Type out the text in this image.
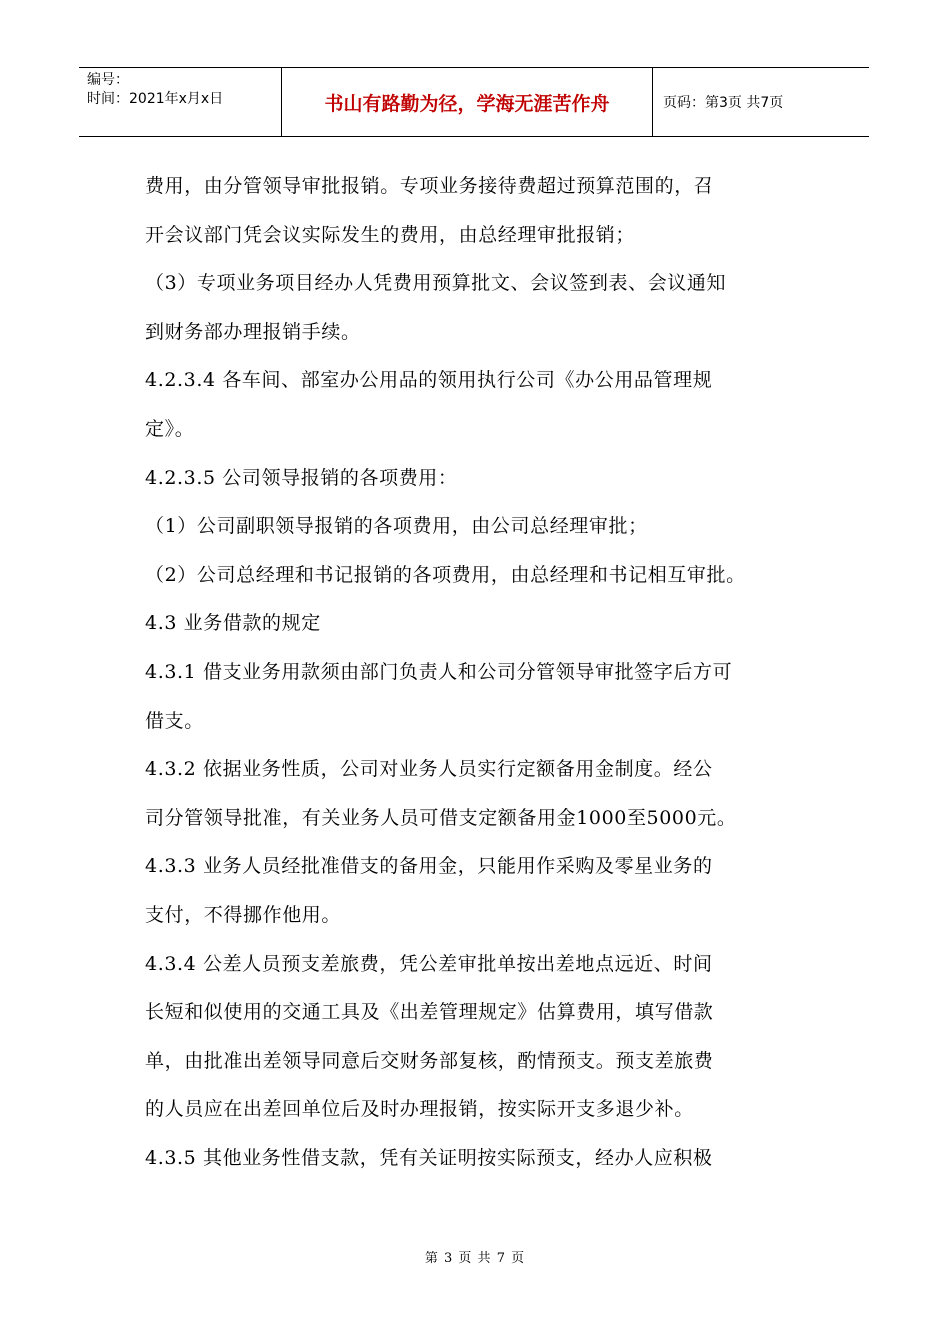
编号：
时间：2021年x月x日	书山有路勤为径，学海无涯苦作舟	页码：第3页 共7页

费用，由分管领导审批报销。专项业务接待费超过预算范围的，召
开会议部门凭会议实际发生的费用，由总经理审批报销；
（3）专项业务项目经办人凭费用预算批文、会议签到表、会议通知
到财务部办理报销手续。
4.2.3.4 各车间、部室办公用品的领用执行公司《办公用品管理规
定》。
4.2.3.5 公司领导报销的各项费用：
（1）公司副职领导报销的各项费用，由公司总经理审批；
（2）公司总经理和书记报销的各项费用，由总经理和书记相互审批。
4.3 业务借款的规定
4.3.1 借支业务用款须由部门负责人和公司分管领导审批签字后方可
借支。
4.3.2 依据业务性质，公司对业务人员实行定额备用金制度。经公
司分管领导批准，有关业务人员可借支定额备用金1000至5000元。
4.3.3 业务人员经批准借支的备用金，只能用作采购及零星业务的
支付，不得挪作他用。
4.3.4 公差人员预支差旅费，凭公差审批单按出差地点远近、时间
长短和似使用的交通工具及《出差管理规定》估算费用，填写借款
单，由批准出差领导同意后交财务部复核，酌情预支。预支差旅费
的人员应在出差回单位后及时办理报销，按实际开支多退少补。
4.3.5 其他业务性借支款，凭有关证明按实际预支，经办人应积极

第 3 页 共 7 页
